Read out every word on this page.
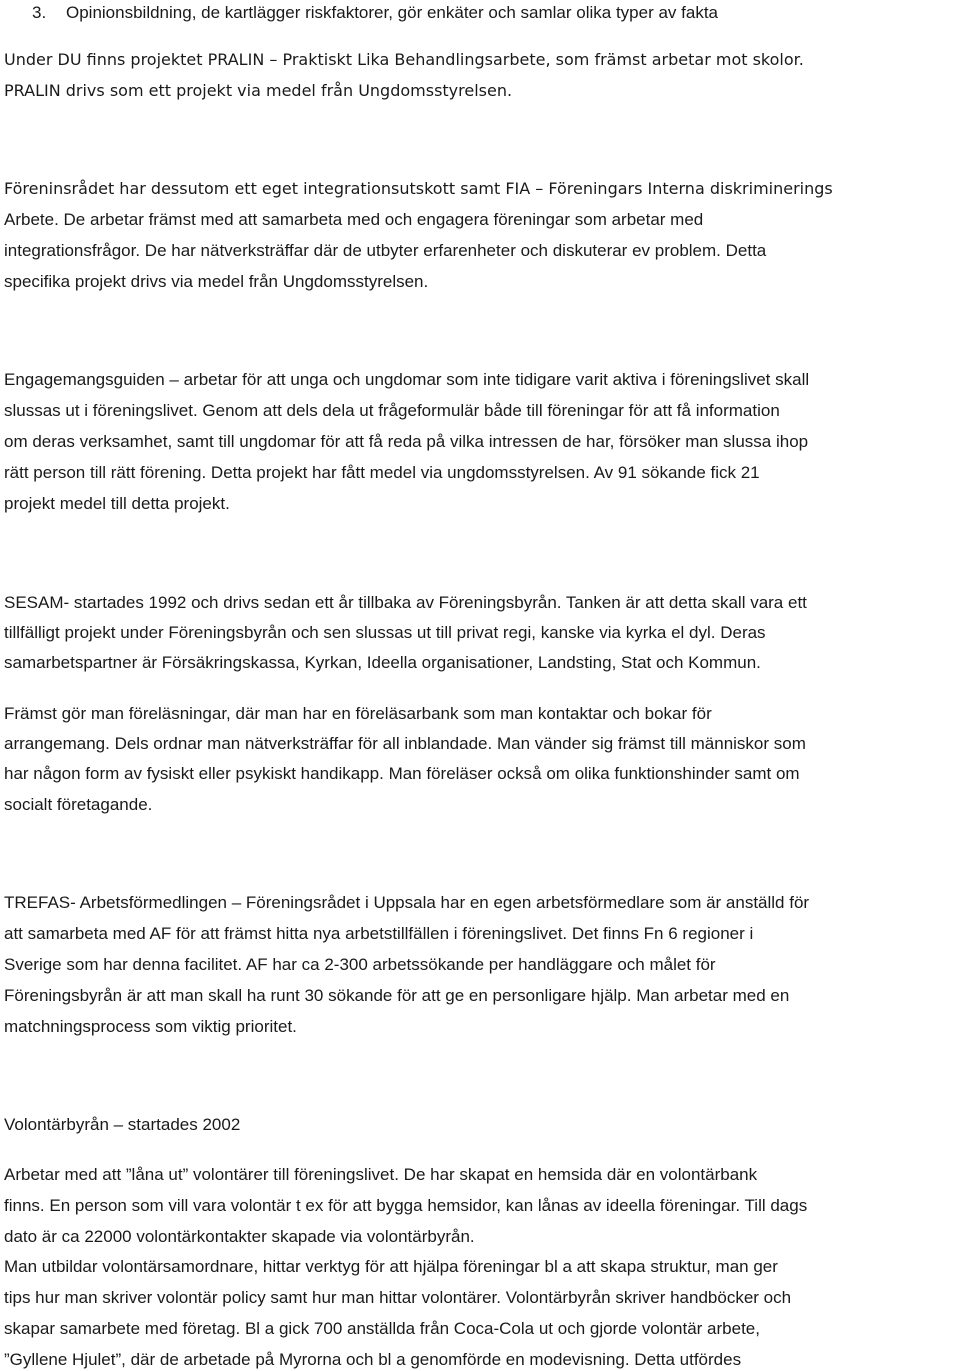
3. Opinionsbildning, de kartlägger riskfaktorer, gör enkäter och samlar olika typer av fakta
Under DU finns projektet PRALIN – Praktiskt Lika Behandlingsarbete, som främst arbetar mot skolor.
PRALIN drivs som ett projekt via medel från Ungdomsstyrelsen.
Föreninsrådet har dessutom ett eget integrationsutskott samt FIA – Föreningars Interna diskriminerings
Arbete. De arbetar främst med att samarbeta med och engagera föreningar som arbetar med
integrationsfrågor. De har nätverksträffar där de utbyter erfarenheter och diskuterar ev problem. Detta
specifika projekt drivs via medel från Ungdomsstyrelsen.
Engagemangsguiden – arbetar för att unga och ungdomar som inte tidigare varit aktiva i föreningslivet skall
slussas ut i föreningslivet. Genom att dels dela ut frågeformulär både till föreningar för att få information
om deras verksamhet, samt till ungdomar för att få reda på vilka intressen de har, försöker man slussa ihop
rätt person till rätt förening. Detta projekt har fått medel via ungdomsstyrelsen. Av 91 sökande fick 21
projekt medel till detta projekt.
SESAM- startades 1992 och drivs sedan ett år tillbaka av Föreningsbyrån. Tanken är att detta skall vara ett
tillfälligt projekt under Föreningsbyrån och sen slussas ut till privat regi, kanske via kyrka el dyl. Deras
samarbetspartner är Försäkringskassa, Kyrkan, Ideella organisationer, Landsting, Stat och Kommun.
Främst gör man föreläsningar, där man har en föreläsarbank som man kontaktar och bokar för
arrangemang. Dels ordnar man nätverksträffar för all inblandade. Man vänder sig främst till människor som
har någon form av fysiskt eller psykiskt handikapp. Man föreläser också om olika funktionshinder samt om
socialt företagande.
TREFAS- Arbetsförmedlingen – Föreningsrådet i Uppsala har en egen arbetsförmedlare som är anställd för
att samarbeta med AF för att främst hitta nya arbetstillfällen i föreningslivet. Det finns Fn 6 regioner i
Sverige som har denna facilitet. AF har ca 2-300 arbetssökande per handläggare och målet för
Föreningsbyrån är att man skall ha runt 30 sökande för att ge en personligare hjälp. Man arbetar med en
matchningsprocess som viktig prioritet.
Volontärbyrån – startades 2002
Arbetar med att ”låna ut” volontärer till föreningslivet. De har skapat en hemsida där en volontärbank
finns. En person som vill vara volontär t ex för att bygga hemsidor, kan lånas av ideella föreningar. Till dags
dato är ca 22000 volontärkontakter skapade via volontärbyrån.
Man utbildar volontärsamordnare, hittar verktyg för att hjälpa föreningar bl a att skapa struktur, man ger
tips hur man skriver volontär policy samt hur man hittar volontärer. Volontärbyrån skriver handböcker och
skapar samarbete med företag. Bl a gick 700 anställda från Coca-Cola ut och gjorde volontär arbete,
”Gyllene Hjulet”, där de arbetade på Myrorna och bl a genomförde en modevisning. Detta utfördes
